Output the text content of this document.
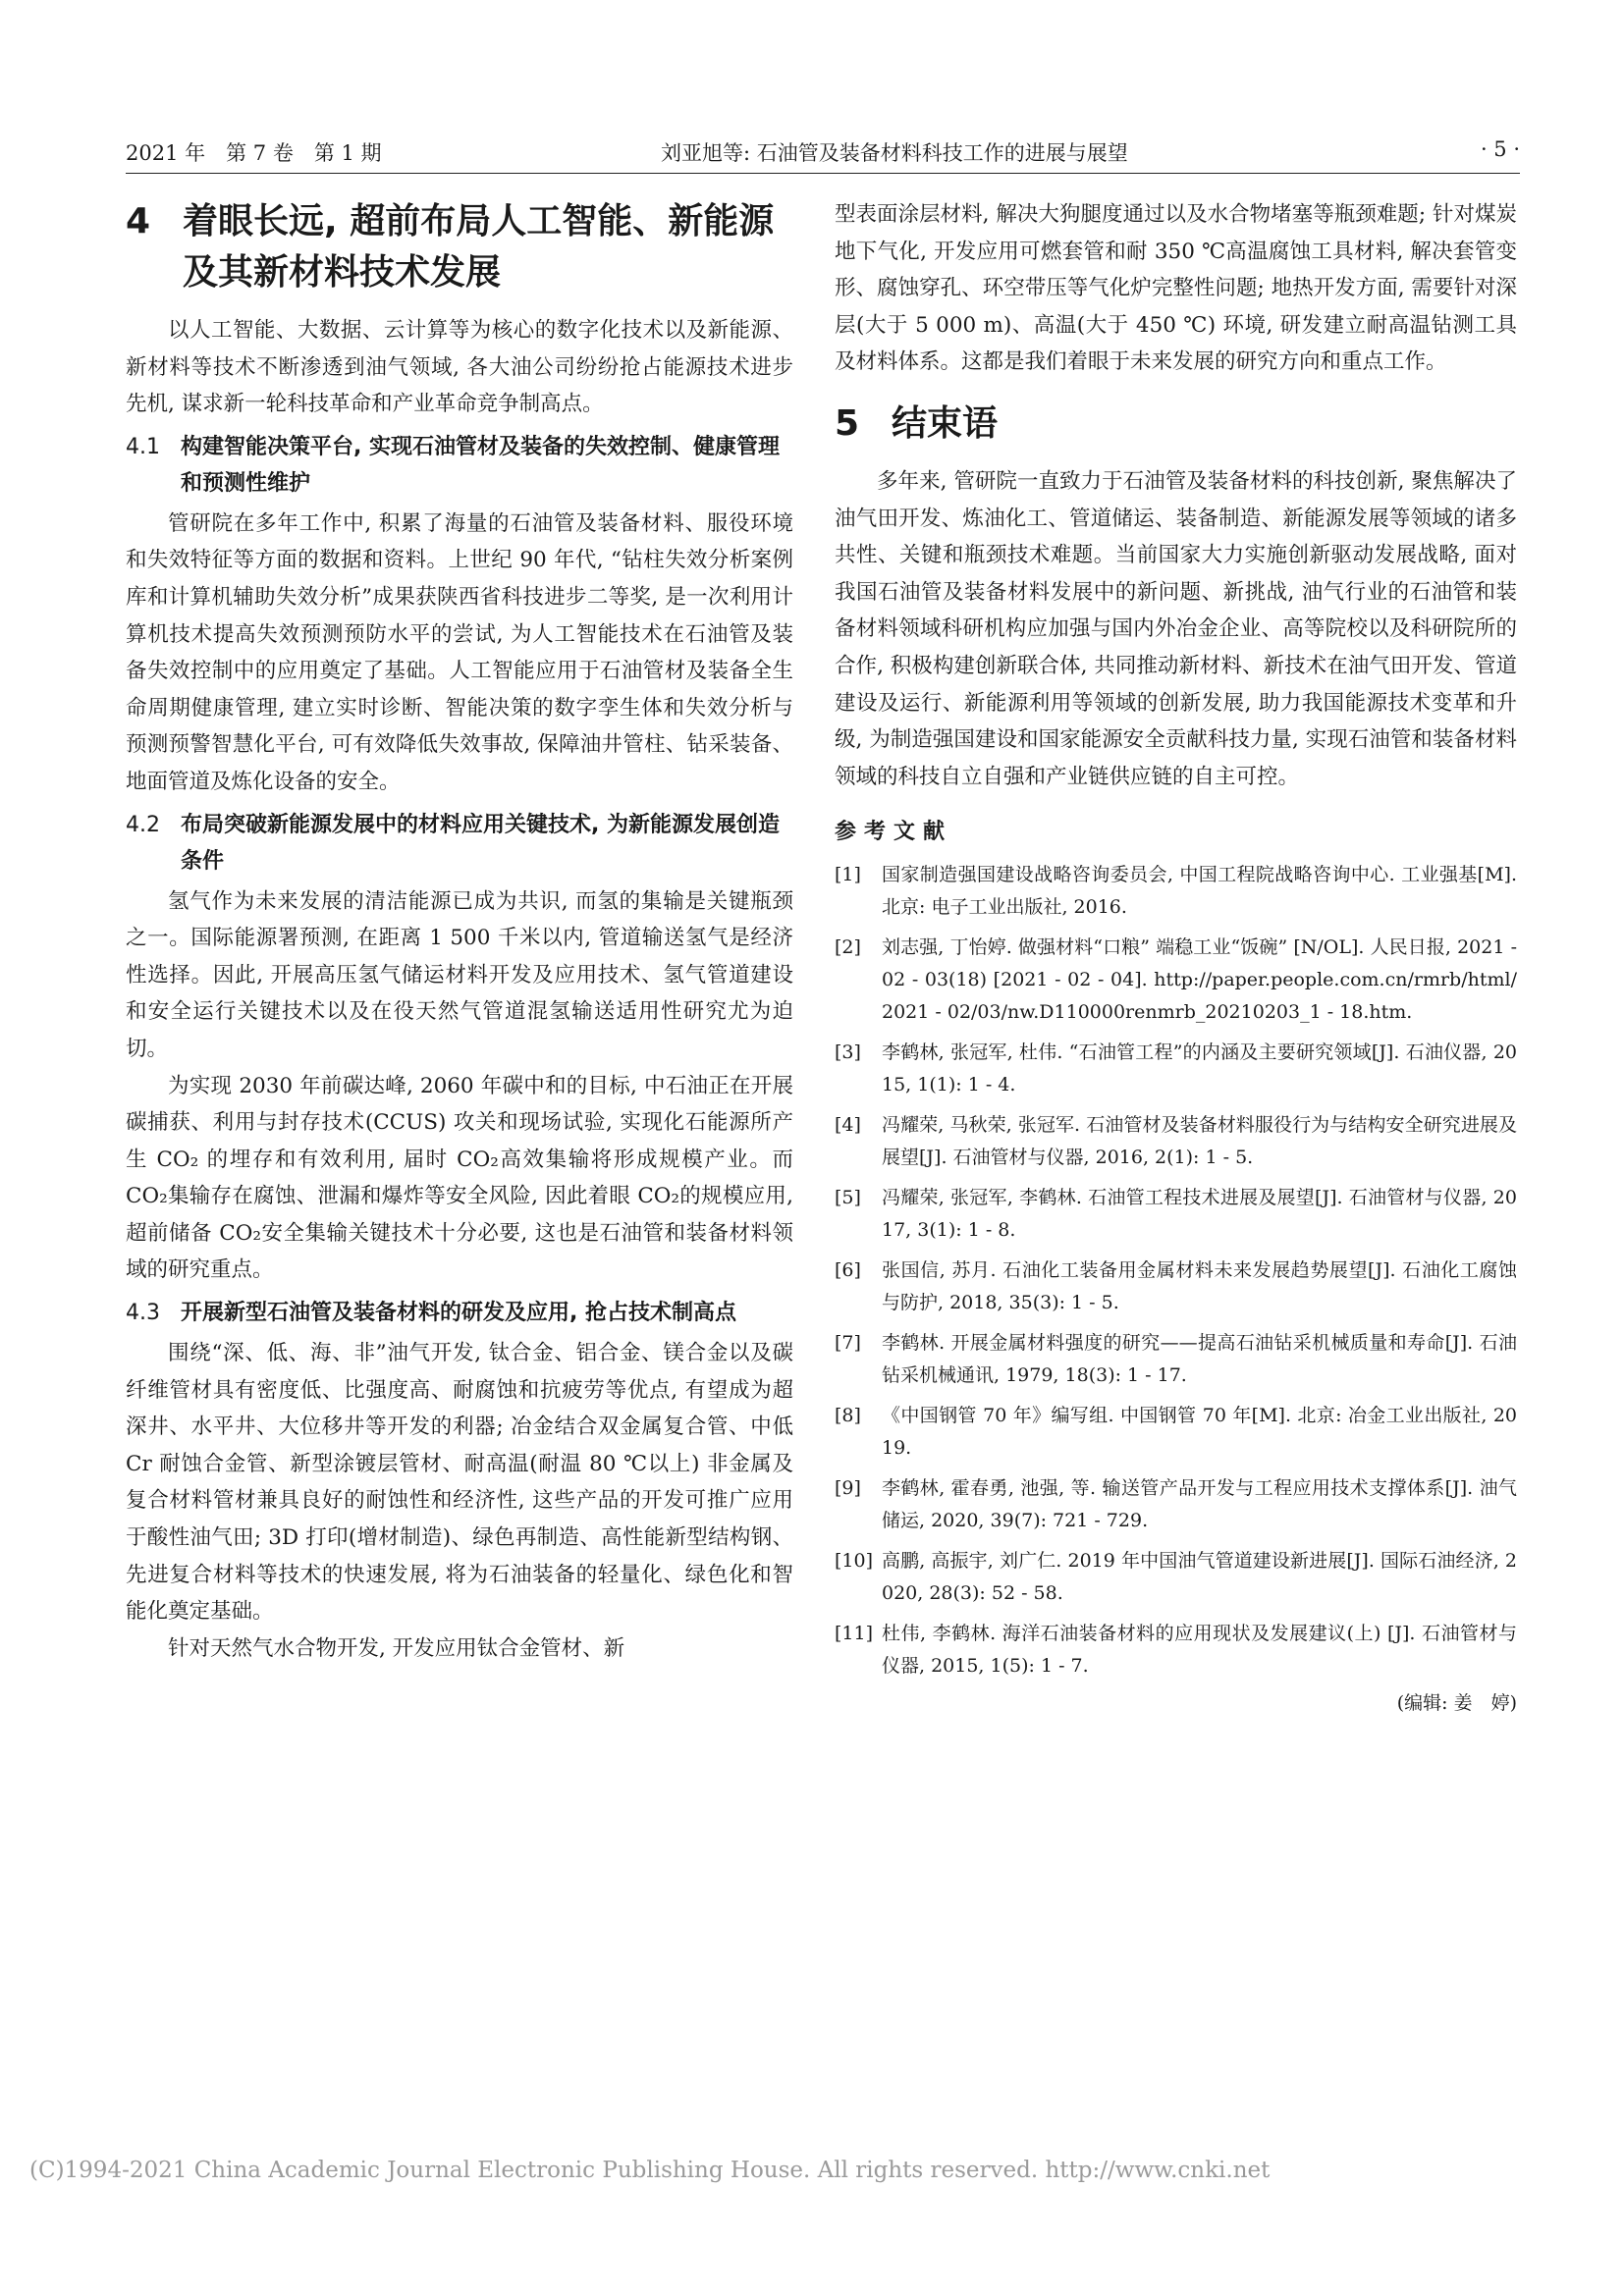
2021 年　第 7 卷　第 1 期	刘亚旭等: 石油管及装备材料科技工作的进展与展望	· 5 ·
4 着眼长远, 超前布局人工智能、新能源及其新材料技术发展

以人工智能、大数据、云计算等为核心的数字化技术以及新能源、新材料等技术不断渗透到油气领域, 各大油公司纷纷抢占能源技术进步先机, 谋求新一轮科技革命和产业革命竞争制高点。

4.1 构建智能决策平台, 实现石油管材及装备的失效控制、健康管理和预测性维护

管研院在多年工作中, 积累了海量的石油管及装备材料、服役环境和失效特征等方面的数据和资料。上世纪 90 年代, “钻柱失效分析案例库和计算机辅助失效分析”成果获陕西省科技进步二等奖, 是一次利用计算机技术提高失效预测预防水平的尝试, 为人工智能技术在石油管及装备失效控制中的应用奠定了基础。人工智能应用于石油管材及装备全生命周期健康管理, 建立实时诊断、智能决策的数字孪生体和失效分析与预测预警智慧化平台, 可有效降低失效事故, 保障油井管柱、钻采装备、地面管道及炼化设备的安全。

4.2 布局突破新能源发展中的材料应用关键技术, 为新能源发展创造条件

氢气作为未来发展的清洁能源已成为共识, 而氢的集输是关键瓶颈之一。国际能源署预测, 在距离 1 500 千米以内, 管道输送氢气是经济性选择。因此, 开展高压氢气储运材料开发及应用技术、氢气管道建设和安全运行关键技术以及在役天然气管道混氢输送适用性研究尤为迫切。

为实现 2030 年前碳达峰, 2060 年碳中和的目标, 中石油正在开展碳捕获、利用与封存技术(CCUS) 攻关和现场试验, 实现化石能源所产生 CO₂ 的埋存和有效利用, 届时 CO₂高效集输将形成规模产业。而 CO₂集输存在腐蚀、泄漏和爆炸等安全风险, 因此着眼 CO₂的规模应用, 超前储备 CO₂安全集输关键技术十分必要, 这也是石油管和装备材料领域的研究重点。

4.3 开展新型石油管及装备材料的研发及应用, 抢占技术制高点

围绕“深、低、海、非”油气开发, 钛合金、铝合金、镁合金以及碳纤维管材具有密度低、比强度高、耐腐蚀和抗疲劳等优点, 有望成为超深井、水平井、大位移井等开发的利器; 冶金结合双金属复合管、中低 Cr 耐蚀合金管、新型涂镀层管材、耐高温(耐温 80 ℃以上) 非金属及复合材料管材兼具良好的耐蚀性和经济性, 这些产品的开发可推广应用于酸性油气田; 3D 打印(增材制造)、绿色再制造、高性能新型结构钢、先进复合材料等技术的快速发展, 将为石油装备的轻量化、绿色化和智能化奠定基础。

针对天然气水合物开发, 开发应用钛合金管材、新

型表面涂层材料, 解决大狗腿度通过以及水合物堵塞等瓶颈难题; 针对煤炭地下气化, 开发应用可燃套管和耐 350 ℃高温腐蚀工具材料, 解决套管变形、腐蚀穿孔、环空带压等气化炉完整性问题; 地热开发方面, 需要针对深层(大于 5 000 m)、高温(大于 450 ℃) 环境, 研发建立耐高温钻测工具及材料体系。这都是我们着眼于未来发展的研究方向和重点工作。

5 结束语

多年来, 管研院一直致力于石油管及装备材料的科技创新, 聚焦解决了油气田开发、炼油化工、管道储运、装备制造、新能源发展等领域的诸多共性、关键和瓶颈技术难题。当前国家大力实施创新驱动发展战略, 面对我国石油管及装备材料发展中的新问题、新挑战, 油气行业的石油管和装备材料领域科研机构应加强与国内外冶金企业、高等院校以及科研院所的合作, 积极构建创新联合体, 共同推动新材料、新技术在油气田开发、管道建设及运行、新能源利用等领域的创新发展, 助力我国能源技术变革和升级, 为制造强国建设和国家能源安全贡献科技力量, 实现石油管和装备材料领域的科技自立自强和产业链供应链的自主可控。

参考文献
[1]	国家制造强国建设战略咨询委员会, 中国工程院战略咨询中心. 工业强基[M]. 北京: 电子工业出版社, 2016.
[2]	刘志强, 丁怡婷. 做强材料“口粮” 端稳工业“饭碗” [N/OL]. 人民日报, 2021 - 02 - 03(18) [2021 - 02 - 04]. http://paper.people.com.cn/rmrb/html/2021 - 02/03/nw.D110000renmrb_20210203_1 - 18.htm.
[3]	李鹤林, 张冠军, 杜伟. “石油管工程”的内涵及主要研究领域[J]. 石油仪器, 2015, 1(1): 1 - 4.
[4]	冯耀荣, 马秋荣, 张冠军. 石油管材及装备材料服役行为与结构安全研究进展及展望[J]. 石油管材与仪器, 2016, 2(1): 1 - 5.
[5]	冯耀荣, 张冠军, 李鹤林. 石油管工程技术进展及展望[J]. 石油管材与仪器, 2017, 3(1): 1 - 8.
[6]	张国信, 苏月. 石油化工装备用金属材料未来发展趋势展望[J]. 石油化工腐蚀与防护, 2018, 35(3): 1 - 5.
[7]	李鹤林. 开展金属材料强度的研究——提高石油钻采机械质量和寿命[J]. 石油钻采机械通讯, 1979, 18(3): 1 - 17.
[8]	《中国钢管 70 年》编写组. 中国钢管 70 年[M]. 北京: 冶金工业出版社, 2019.
[9]	李鹤林, 霍春勇, 池强, 等. 输送管产品开发与工程应用技术支撑体系[J]. 油气储运, 2020, 39(7): 721 - 729.
[10] 高鹏, 高振宇, 刘广仁. 2019 年中国油气管道建设新进展[J]. 国际石油经济, 2020, 28(3): 52 - 58.
[11] 杜伟, 李鹤林. 海洋石油装备材料的应用现状及发展建议(上) [J]. 石油管材与仪器, 2015, 1(5): 1 - 7.
(编辑: 姜　婷)
(C)1994-2021 China Academic Journal Electronic Publishing House. All rights reserved. http://www.cnki.net
